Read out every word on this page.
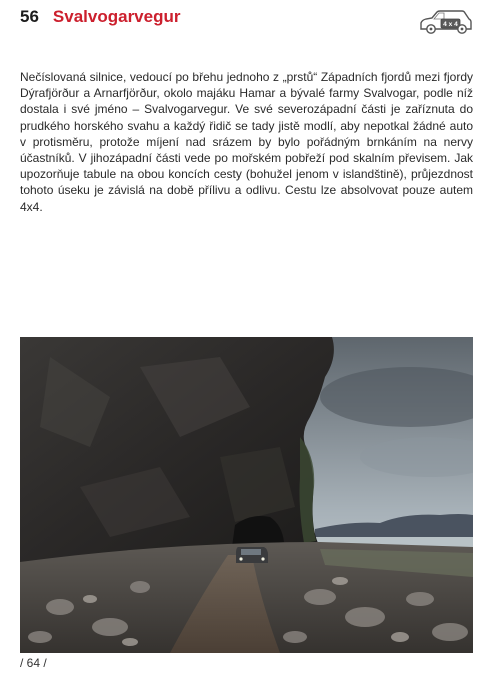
56 Svalvogarvegur	4 x 4

Nečíslovaná silnice, vedoucí po břehu jednoho z „prstů“ Západních fjordů mezi fjordy Dýrafjörður a Arnarfjörður, okolo majáku Hamar a bývalé farmy Svalvogar, podle níž dostala i své jméno – Svalvogarvegur. Ve své severozápadní části je zaříznuta do prudkého horského svahu a každý řidič se tady jistě modlí, aby nepotkal žádné auto v protisměru, protože míjení nad srázem by bylo pořádným brnkáním na nervy účastníků. V jihozápadní části vede po mořském pobřeží pod skalním převisem. Jak upozorňuje tabule na obou koncích cesty (bohužel jenom v islandštině), průjezdnost tohoto úseku je závislá na době přílivu a odlivu. Cestu lze absolvovat pouze autem 4x4.

/ 64 /
